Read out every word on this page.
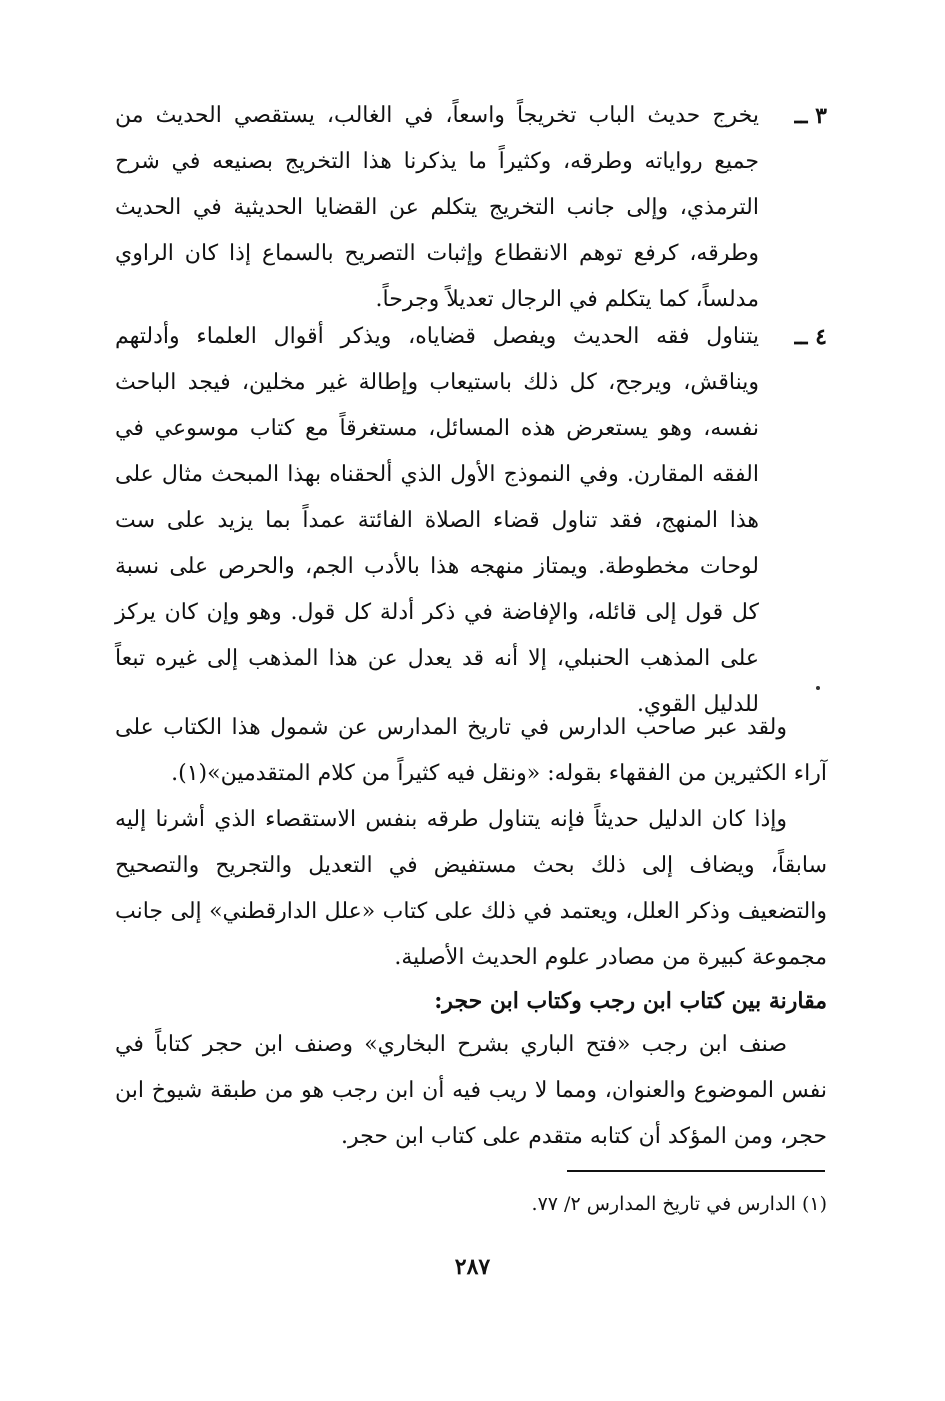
٣ ــ
يخرج حديث الباب تخريجاً واسعاً، في الغالب، يستقصي الحديث من جميع رواياته وطرقه، وكثيراً ما يذكرنا هذا التخريج بصنيعه في شرح الترمذي، وإلى جانب التخريج يتكلم عن القضايا الحديثية في الحديث وطرقه، كرفع توهم الانقطاع وإثبات التصريح بالسماع إذا كان الراوي مدلساً، كما يتكلم في الرجال تعديلاً وجرحاً.
٤ ــ
يتناول فقه الحديث ويفصل قضاياه، ويذكر أقوال العلماء وأدلتهم ويناقش، ويرجح، كل ذلك باستيعاب وإطالة غير مخلين، فيجد الباحث نفسه، وهو يستعرض هذه المسائل، مستغرقاً مع كتاب موسوعي في الفقه المقارن. وفي النموذج الأول الذي ألحقناه بهذا المبحث مثال على هذا المنهج، فقد تناول قضاء الصلاة الفائتة عمداً بما يزيد على ست لوحات مخطوطة. ويمتاز منهجه هذا بالأدب الجم، والحرص على نسبة كل قول إلى قائله، والإفاضة في ذكر أدلة كل قول. وهو وإن كان يركز على المذهب الحنبلي، إلا أنه قد يعدل عن هذا المذهب إلى غيره تبعاً للدليل القوي.
ولقد عبر صاحب الدارس في تاريخ المدارس عن شمول هذا الكتاب على آراء الكثيرين من الفقهاء بقوله: «ونقل فيه كثيراً من كلام المتقدمين»(١).
وإذا كان الدليل حديثاً فإنه يتناول طرقه بنفس الاستقصاء الذي أشرنا إليه سابقاً، ويضاف إلى ذلك بحث مستفيض في التعديل والتجريح والتصحيح والتضعيف وذكر العلل، ويعتمد في ذلك على كتاب «علل الدارقطني» إلى جانب مجموعة كبيرة من مصادر علوم الحديث الأصلية.
مقارنة بين كتاب ابن رجب وكتاب ابن حجر:
صنف ابن رجب «فتح الباري بشرح البخاري» وصنف ابن حجر كتاباً في نفس الموضوع والعنوان، ومما لا ريب فيه أن ابن رجب هو من طبقة شيوخ ابن حجر، ومن المؤكد أن كتابه متقدم على كتاب ابن حجر.
(١) الدارس في تاريخ المدارس ٢/ ٧٧.
٢٨٧
